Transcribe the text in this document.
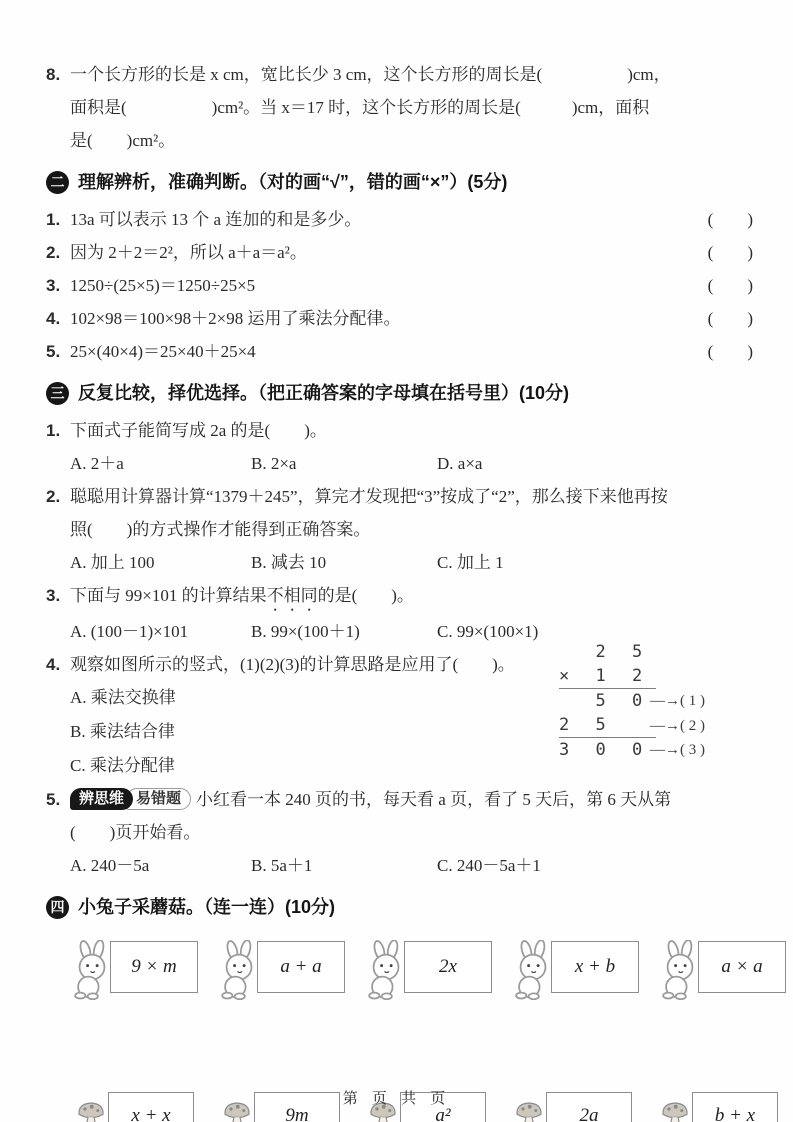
8. 一个长方形的长是 x cm，宽比长少 3 cm，这个长方形的周长是(　　　　　)cm，
面积是(　　　　　)cm²。当 x＝17 时，这个长方形的周长是(　　　)cm，面积
是(　　)cm²。
二 理解辨析，准确判断。（对的画“√”，错的画“×”）(5分)
1. 13a 可以表示 13 个 a 连加的和是多少。	(　　)
2. 因为 2＋2＝2²，所以 a＋a＝a²。	(　　)
3. 1250÷(25×5)＝1250÷25×5	(　　)
4. 102×98＝100×98＋2×98 运用了乘法分配律。	(　　)
5. 25×(40×4)＝25×40＋25×4	(　　)
三 反复比较，择优选择。（把正确答案的字母填在括号里）(10分)
1. 下面式子能简写成 2a 的是(　　)。
A. 2＋a	B. 2×a	D. a×a
2. 聪聪用计算器计算“1379＋245”，算完才发现把“3”按成了“2”，那么接下来他再按
照(　　)的方式操作才能得到正确答案。
A. 加上 100	B. 减去 10	C. 加上 1
3. 下面与 99×101 的计算结果不相同的是(　　)。
A. (100－1)×101	B. 99×(100＋1)	C. 99×(100×1)
4. 观察如图所示的竖式，(1)(2)(3)的计算思路是应用了(　　)。
A. 乘法交换律
B. 乘法结合律
C. 乘法分配律
2 5
× 1 2
5 0 —→( 1 )
2 5	—→( 2 )
3 0 0 —→( 3 )
5. 辨思维 易错题 小红看一本 240 页的书，每天看 a 页，看了 5 天后，第 6 天从第
(　　)页开始看。
A. 240－5a	B. 5a＋1	C. 240－5a＋1
四 小兔子采蘑菇。（连一连）(10分)
9 × m	a + a	2x	x + b	a × a
x + x	9m	a²	2a	b + x
第 页 共 页
